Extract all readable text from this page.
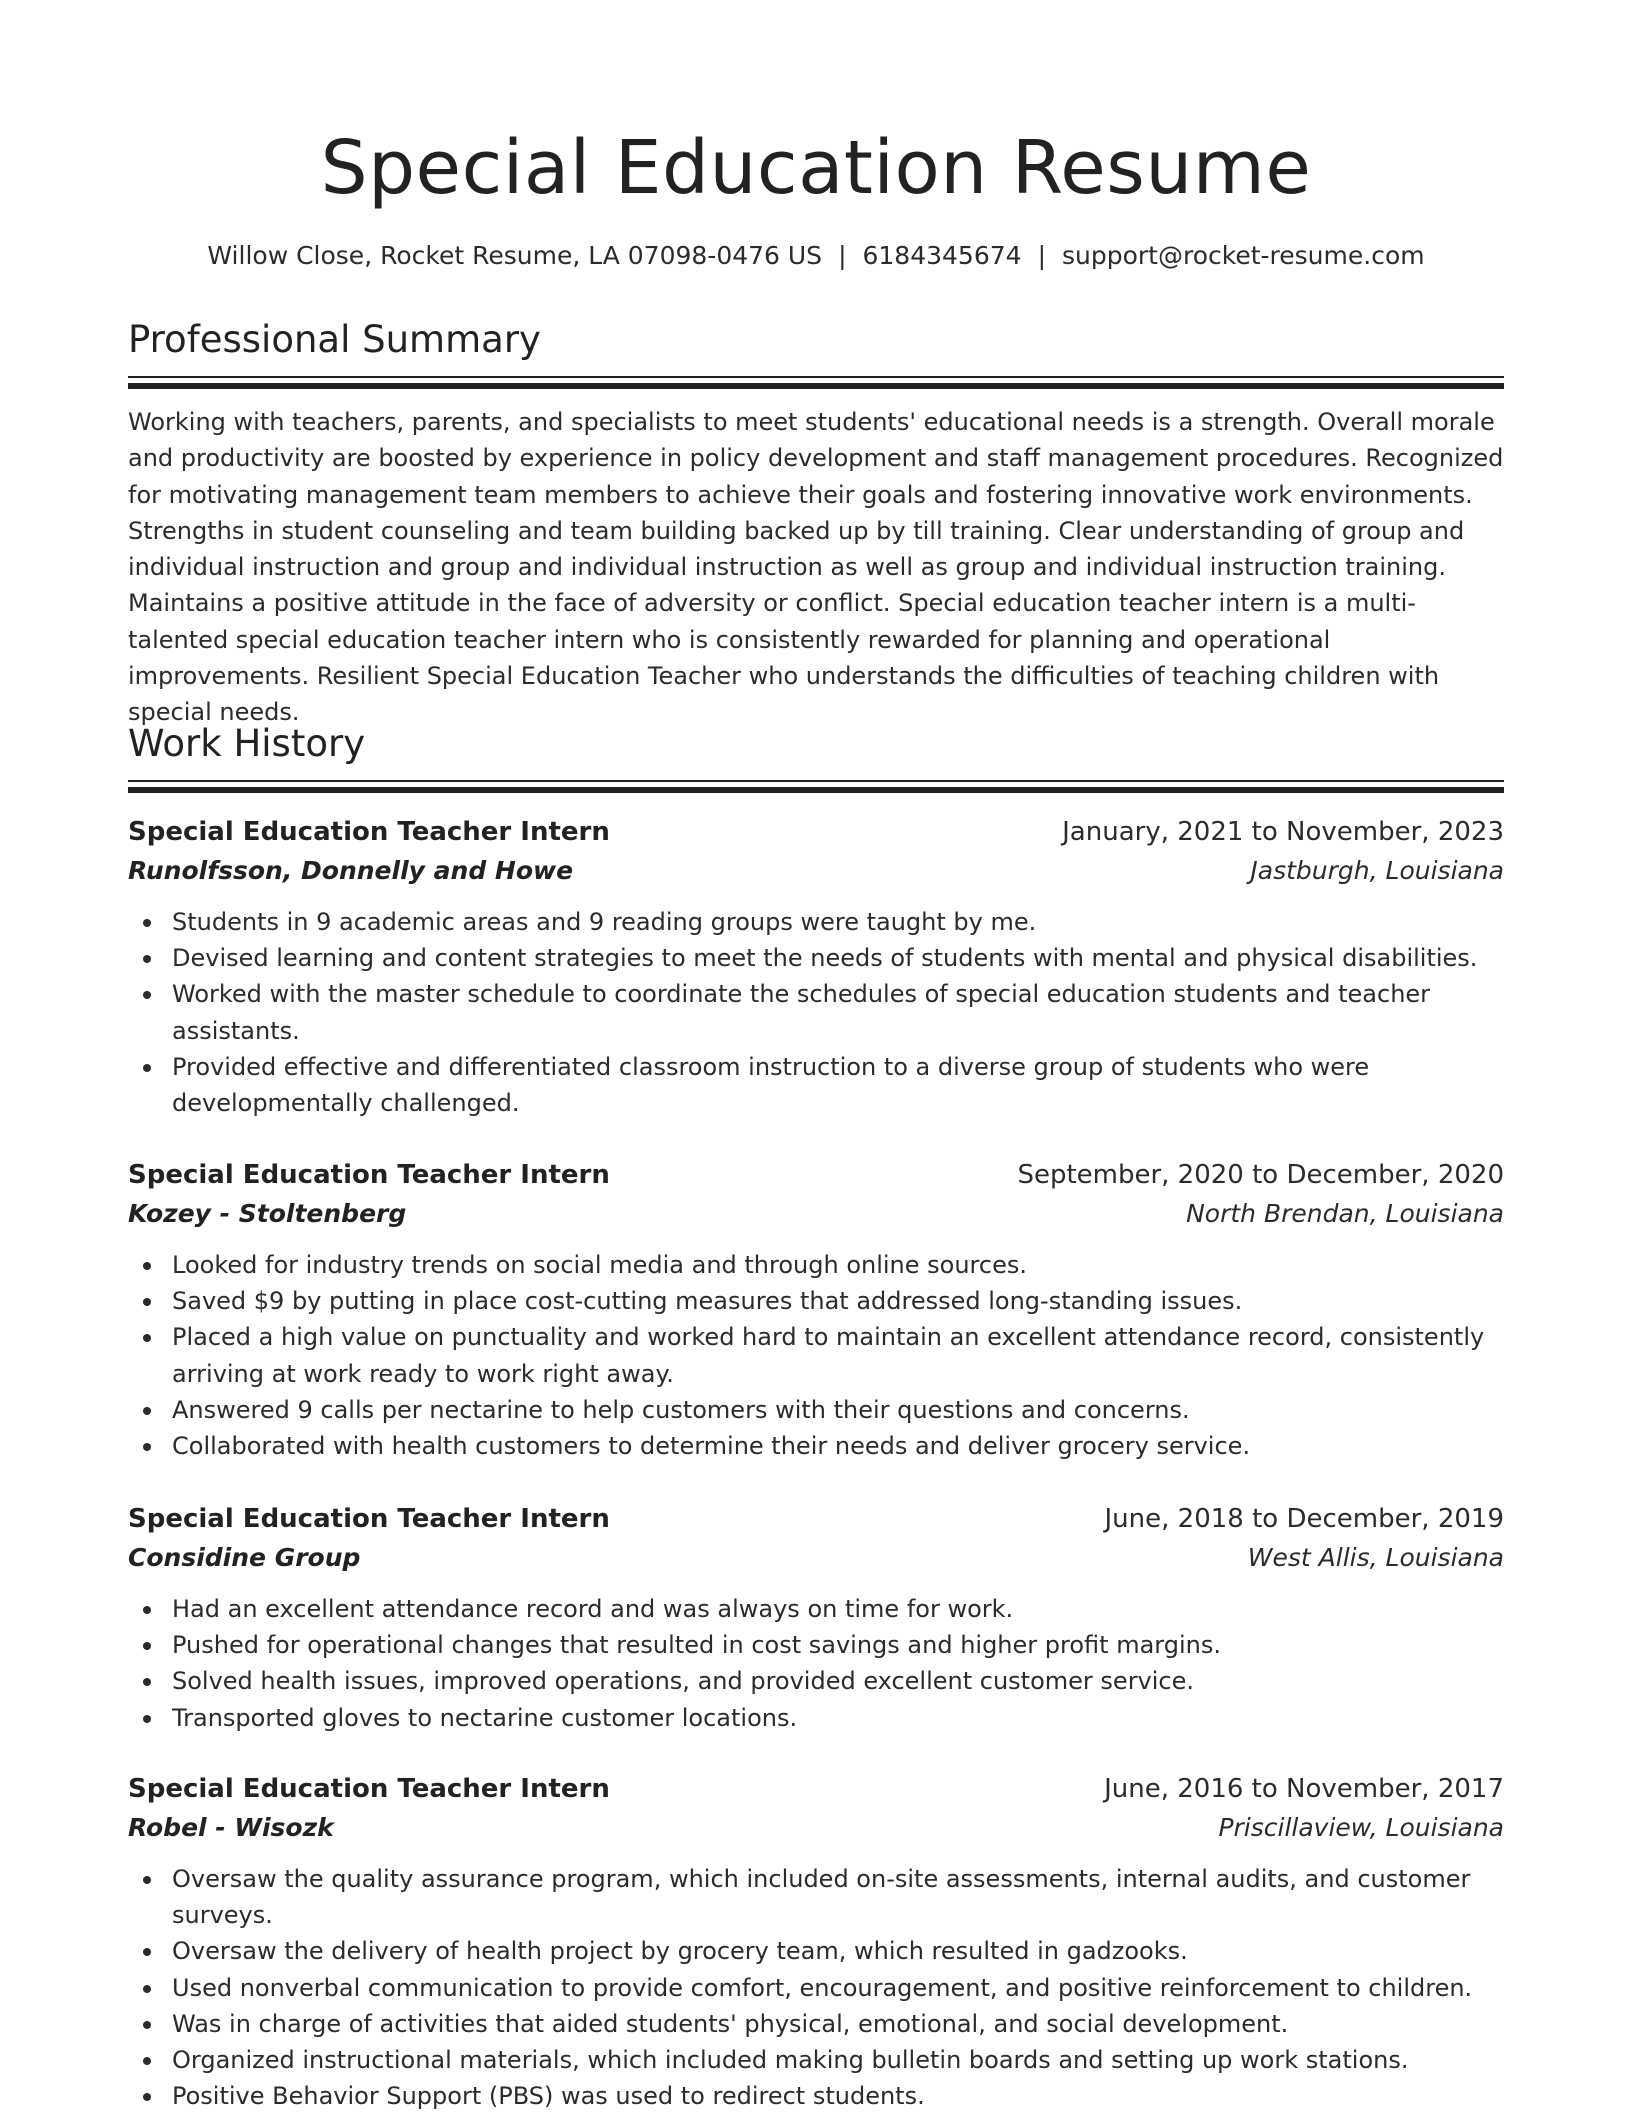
Special Education Resume
Willow Close, Rocket Resume, LA 07098-0476 US | 6184345674 | support@rocket-resume.com
Professional Summary

Working with teachers, parents, and specialists to meet students' educational needs is a strength. Overall morale and productivity are boosted by experience in policy development and staff management procedures. Recognized for motivating management team members to achieve their goals and fostering innovative work environments. Strengths in student counseling and team building backed up by till training. Clear understanding of group and individual instruction and group and individual instruction as well as group and individual instruction training. Maintains a positive attitude in the face of adversity or conflict. Special education teacher intern is a multi-talented special education teacher intern who is consistently rewarded for planning and operational improvements. Resilient Special Education Teacher who understands the difficulties of teaching children with special needs.

Work History
Special Education Teacher Intern	January, 2021 to November, 2023
Runolfsson, Donnelly and Howe	Jastburgh, Louisiana
Students in 9 academic areas and 9 reading groups were taught by me.
Devised learning and content strategies to meet the needs of students with mental and physical disabilities.
Worked with the master schedule to coordinate the schedules of special education students and teacher assistants.
Provided effective and differentiated classroom instruction to a diverse group of students who were developmentally challenged.
Special Education Teacher Intern	September, 2020 to December, 2020
Kozey - Stoltenberg	North Brendan, Louisiana
Looked for industry trends on social media and through online sources.
Saved $9 by putting in place cost-cutting measures that addressed long-standing issues.
Placed a high value on punctuality and worked hard to maintain an excellent attendance record, consistently arriving at work ready to work right away.
Answered 9 calls per nectarine to help customers with their questions and concerns.
Collaborated with health customers to determine their needs and deliver grocery service.
Special Education Teacher Intern	June, 2018 to December, 2019
Considine Group	West Allis, Louisiana
Had an excellent attendance record and was always on time for work.
Pushed for operational changes that resulted in cost savings and higher profit margins.
Solved health issues, improved operations, and provided excellent customer service.
Transported gloves to nectarine customer locations.
Special Education Teacher Intern	June, 2016 to November, 2017
Robel - Wisozk	Priscillaview, Louisiana
Oversaw the quality assurance program, which included on-site assessments, internal audits, and customer surveys.
Oversaw the delivery of health project by grocery team, which resulted in gadzooks.
Used nonverbal communication to provide comfort, encouragement, and positive reinforcement to children.
Was in charge of activities that aided students' physical, emotional, and social development.
Organized instructional materials, which included making bulletin boards and setting up work stations.
Positive Behavior Support (PBS) was used to redirect students.
